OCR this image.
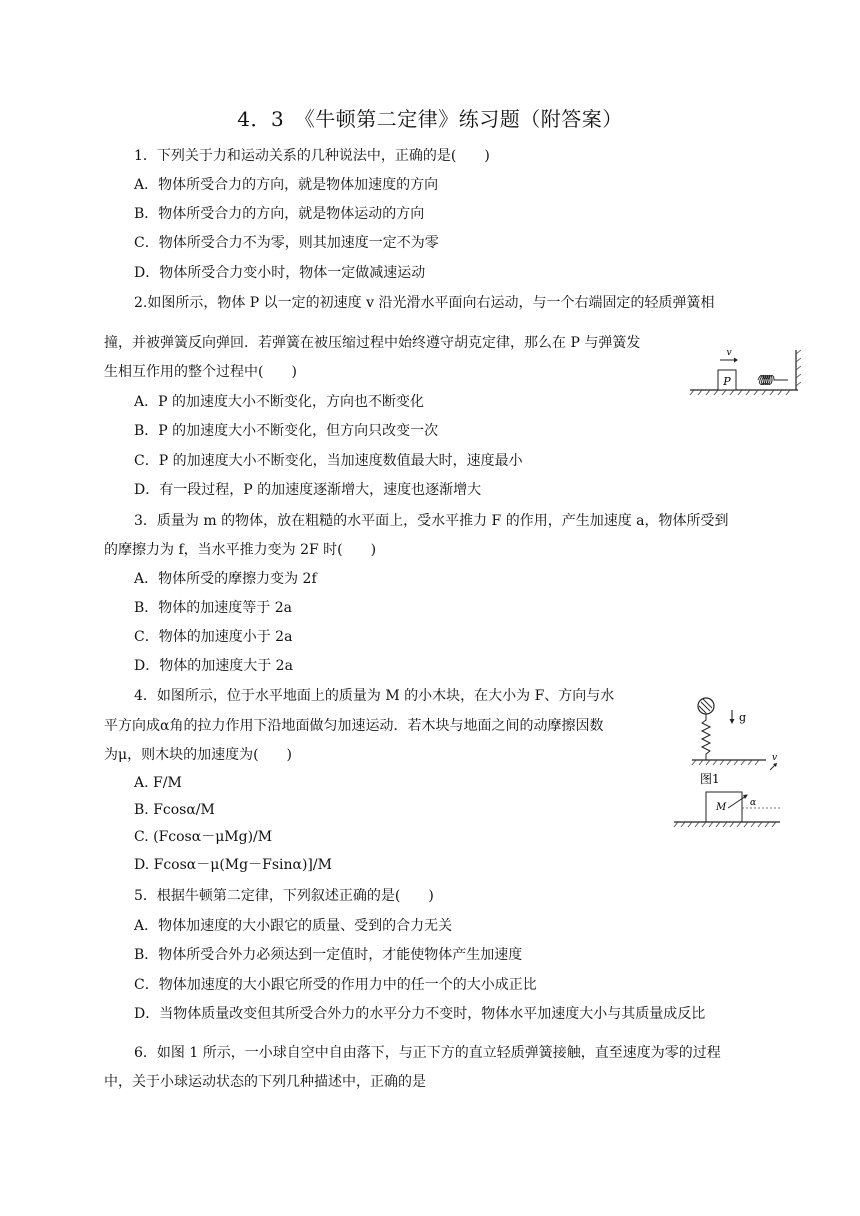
4．3　《牛顿第二定律》练习题（附答案）
1．下列关于力和运动关系的几种说法中，正确的是(　　)
A．物体所受合力的方向，就是物体加速度的方向
B．物体所受合力的方向，就是物体运动的方向
C．物体所受合力不为零，则其加速度一定不为零
D．物体所受合力变小时，物体一定做减速运动
2.如图所示，物体 P 以一定的初速度 v 沿光滑水平面向右运动，与一个右端固定的轻质弹簧相
撞，并被弹簧反向弹回．若弹簧在被压缩过程中始终遵守胡克定律，那么在 P 与弹簧发
生相互作用的整个过程中(　　)
A．P 的加速度大小不断变化，方向也不断变化
B．P 的加速度大小不断变化，但方向只改变一次
C．P 的加速度大小不断变化，当加速度数值最大时，速度最小
D．有一段过程，P 的加速度逐渐增大，速度也逐渐增大
P
v
3．质量为 m 的物体，放在粗糙的水平面上，受水平推力 F 的作用，产生加速度 a，物体所受到
的摩擦力为 f，当水平推力变为 2F 时(　　)
A．物体所受的摩擦力变为 2f
B．物体的加速度等于 2a
C．物体的加速度小于 2a
D．物体的加速度大于 2a
4．如图所示，位于水平地面上的质量为 M 的小木块，在大小为 F、方向与水
平方向成α角的拉力作用下沿地面做匀加速运动．若木块与地面之间的动摩擦因数
为μ，则木块的加速度为(　　)
A. F/M
B. Fcosα/M
C. (Fcosα－μMg)/M
D. Fcosα－μ(Mg－Fsinα)]/M
g
v
图1
M	α
5．根据牛顿第二定律，下列叙述正确的是(　　)
A．物体加速度的大小跟它的质量、受到的合力无关
B．物体所受合外力必须达到一定值时，才能使物体产生加速度
C．物体加速度的大小跟它所受的作用力中的任一个的大小成正比
D．当物体质量改变但其所受合外力的水平分力不变时，物体水平加速度大小与其质量成反比
6．如图 1 所示，一小球自空中自由落下，与正下方的直立轻质弹簧接触，直至速度为零的过程
中，关于小球运动状态的下列几种描述中，正确的是
